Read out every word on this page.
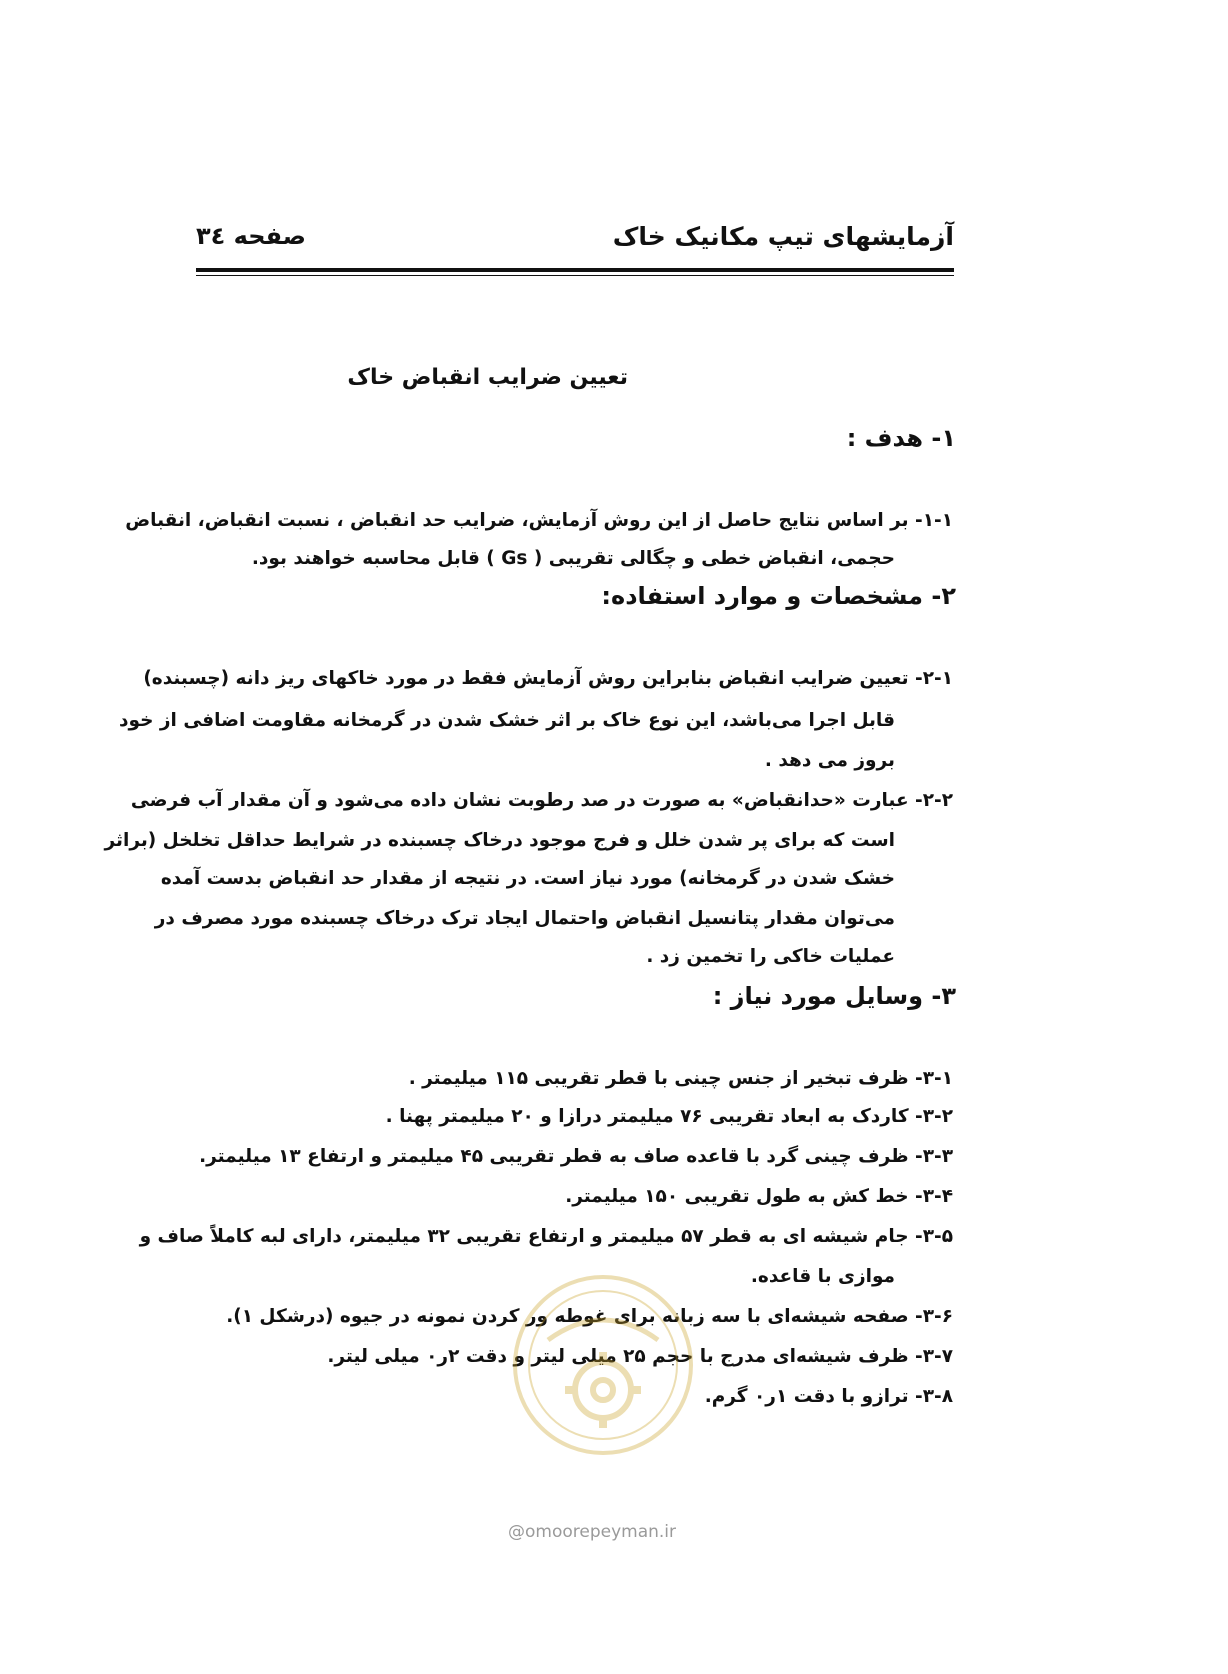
آزمایشهای تیپ مکانیک خاک
صفحه ۳٤
تعیین ضرایب انقباض خاک
۱- هدف :
۱-۱- بر اساس نتایج حاصل از این روش آزمایش، ضرایب حد انقباض ، نسبت انقباض، انقباض
حجمی، انقباض خطی و چگالی تقریبی ( Gs ) قابل محاسبه خواهند بود.
۲- مشخصات و موارد استفاده:
۲-۱- تعیین ضرایب انقباض بنابراین روش آزمایش فقط در مورد خاکهای ریز دانه (چسبنده)
قابل اجرا می‌باشد، این نوع خاک بر اثر خشک شدن در گرمخانه مقاومت اضافی از خود
بروز می دهد .
۲-۲- عبارت «حدانقباض» به صورت در صد رطوبت نشان داده می‌شود و آن مقدار آب فرضی
است که برای پر شدن خلل و فرج موجود درخاک چسبنده در شرایط حداقل تخلخل (براثر
خشک شدن در گرمخانه) مورد نیاز است. در نتیجه از مقدار حد انقباض بدست آمده
می‌توان مقدار پتانسیل انقباض واحتمال ایجاد ترک درخاک چسبنده مورد مصرف در
عملیات خاکی را تخمین زد .
۳- وسایل مورد نیاز :
۳-۱- ظرف تبخیر از جنس چینی با قطر تقریبی ۱۱۵ میلیمتر .
۳-۲- کاردک به ابعاد تقریبی ۷۶ میلیمتر درازا و ۲۰ میلیمتر پهنا .
۳-۳- ظرف چینی گرد با قاعده صاف به قطر تقریبی ۴۵ میلیمتر و ارتفاع ۱۳ میلیمتر.
۳-۴- خط کش به طول تقریبی ۱۵۰ میلیمتر.
۳-۵- جام شیشه ای به قطر ۵۷ میلیمتر و ارتفاع تقریبی ۳۲ میلیمتر، دارای لبه کاملاً صاف و
موازی با قاعده.
۳-۶- صفحه شیشه‌ای با سه زبانه برای غوطه ور کردن نمونه در جیوه (درشکل ۱).
۳-۷- ظرف شیشه‌ای مدرج با حجم ۲۵ میلی لیتر و دقت ۲ر۰ میلی لیتر.
۳-۸- ترازو با دقت ۱ر۰ گرم.
@omoorepeyman.ir
